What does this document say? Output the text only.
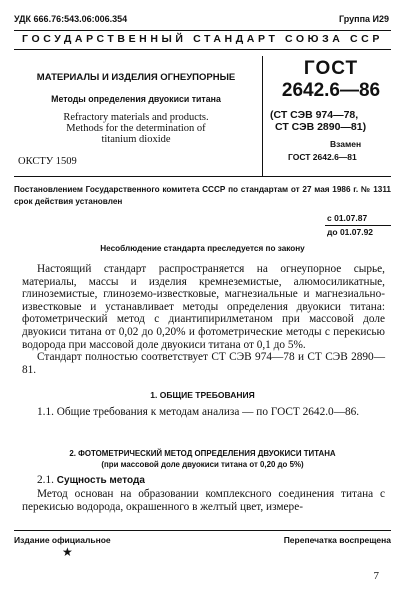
УДК 666.76:543.06:006.354	Группа И29
ГОСУДАРСТВЕННЫЙ СТАНДАРТ СОЮЗА ССР
МАТЕРИАЛЫ И ИЗДЕЛИЯ ОГНЕУПОРНЫЕ
Методы определения двуокиси титана
Refractory materials and products.
Methods for the determination of
titanium dioxide
ОКСТУ 1509
ГОСТ
2642.6—86
(СТ СЭВ 974—78,
СТ СЭВ 2890—81)
Взамен
ГОСТ 2642.6—81
Постановлением Государственного комитета СССР по стандартам от 27 мая 1986 г. № 1311 срок действия установлен
с 01.07.87
до 01.07.92
Несоблюдение стандарта преследуется по закону

Настоящий стандарт распространяется на огнеупорное сырье, материалы, массы и изделия кремнеземистые, алюмосиликатные, глиноземистые, глиноземо-известковые, магнезиальные и магнезиально-известковые и устанавливает методы определения двуокиси титана: фотометрический метод с диантипирилметаном при массовой доле двуокиси титана от 0,02 до 0,20% и фотометрические методы с перекисью водорода при массовой доле двуокиси титана от 0,1 до 5%.

Стандарт полностью соответствует СТ СЭВ 974—78 и СТ СЭВ 2890—81.

1. ОБЩИЕ ТРЕБОВАНИЯ

1.1. Общие требования к методам анализа — по ГОСТ 2642.0—86.

2. ФОТОМЕТРИЧЕСКИЙ МЕТОД ОПРЕДЕЛЕНИЯ ДВУОКИСИ ТИТАНА
(при массовой доле двуокиси титана от 0,20 до 5%)
2.1. Сущность метода

Метод основан на образовании комплексного соединения титана с перекисью водорода, окрашенного в желтый цвет, измере-

Издание официальное	Перепечатка воспрещена
★
7
